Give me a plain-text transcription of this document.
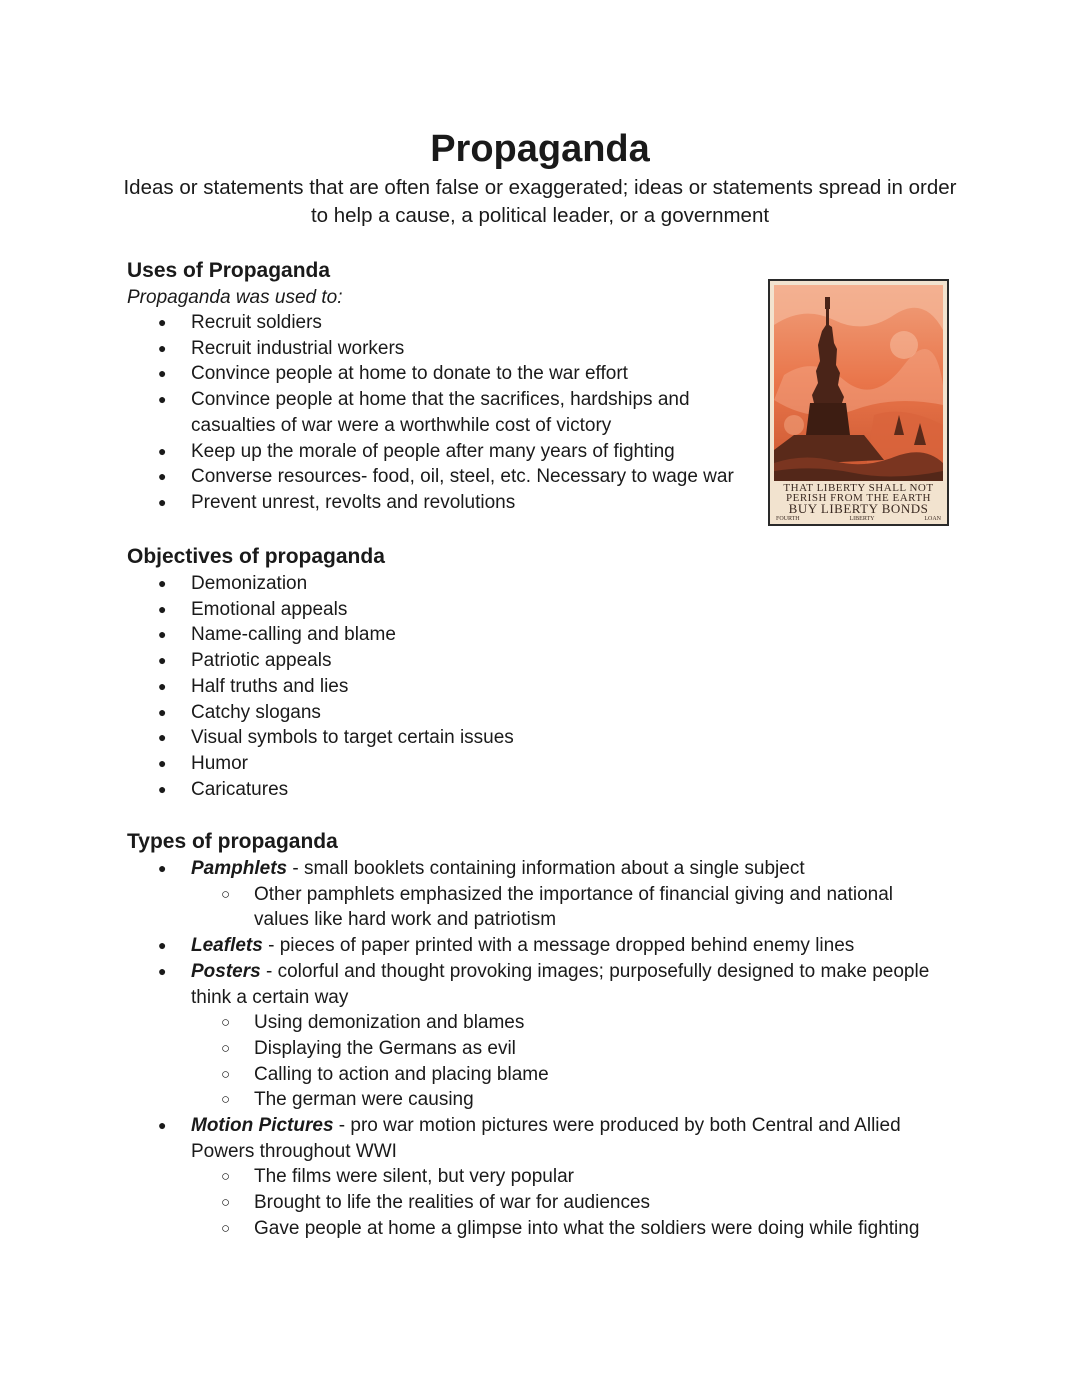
Propaganda
Ideas or statements that are often false or exaggerated; ideas or statements spread in order to help a cause, a political leader, or a government
Uses of Propaganda
Propaganda was used to:
● Recruit soldiers
● Recruit industrial workers
● Convince people at home to donate to the war effort
● Convince people at home that the sacrifices, hardships and casualties of war were a worthwhile cost of victory
● Keep up the morale of people after many years of fighting
● Converse resources- food, oil, steel, etc. Necessary to wage war
● Prevent unrest, revolts and revolutions
THAT LIBERTY SHALL NOT
PERISH FROM THE EARTH
BUY LIBERTY BONDS
FOURTH	LIBERTY	LOAN
Objectives of propaganda
● Demonization
● Emotional appeals
● Name-calling and blame
● Patriotic appeals
● Half truths and lies
● Catchy slogans
● Visual symbols to target certain issues
● Humor
● Caricatures
Types of propaganda
● Pamphlets - small booklets containing information about a single subject
○ Other pamphlets emphasized the importance of financial giving and national values like hard work and patriotism
● Leaflets - pieces of paper printed with a message dropped behind enemy lines
● Posters - colorful and thought provoking images; purposefully designed to make people think a certain way
○ Using demonization and blames
○ Displaying the Germans as evil
○ Calling to action and placing blame
○ The german were causing
● Motion Pictures - pro war motion pictures were produced by both Central and Allied Powers throughout WWI
○ The films were silent, but very popular
○ Brought to life the realities of war for audiences
○ Gave people at home a glimpse into what the soldiers were doing while fighting
